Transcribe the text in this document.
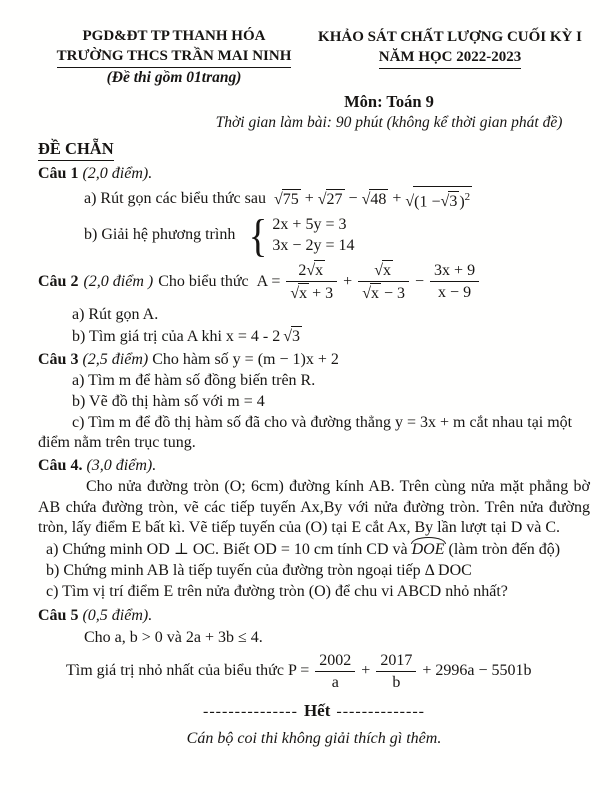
PGD&ĐT TP THANH HÓA
TRƯỜNG THCS TRẦN MAI NINH
(Đề thi gồm 01trang)
KHẢO SÁT CHẤT LƯỢNG CUỐI KỲ I
NĂM HỌC 2022-2023
Môn: Toán 9
Thời gian làm bài: 90 phút (không kể thời gian phát đề)
ĐỀ CHẴN
Câu 1 (2,0 điểm).
a) Rút gọn các biểu thức sau √75 + √27 − √48 + √(1 −√3 )$^2$
b) Giải hệ phương trình { 2x + 5y = 3
3x − 2y = 14
Câu 2 (2,0 điểm ) Cho biểu thức $A = \frac{2√x}{√x + 3} + \frac{√x}{√x - 3} - \frac{3x + 9}{x - 9}$
a) Rút gọn A.
b) Tìm giá trị của A khi x = 4 - 2 √3
Câu 3 (2,5 điểm) Cho hàm số y = (m − 1)x + 2
a) Tìm m để hàm số đồng biến trên R.
b) Vẽ đồ thị hàm số với m = 4

c) Tìm m để đồ thị hàm số đã cho và đường thẳng y = 3x + m cắt nhau tại một điểm nằm trên trục tung.

Câu 4. (3,0 điểm).

Cho nửa đường tròn (O; 6cm) đường kính AB. Trên cùng nửa mặt phẳng bờ AB chứa đường tròn, vẽ các tiếp tuyến Ax,By với nửa đường tròn. Trên nửa đường tròn, lấy điểm E bất kì. Vẽ tiếp tuyến của (O) tại E cắt Ax, By lần lượt tại D và C.

a) Chứng minh OD ⊥ OC. Biết OD = 10 cm tính CD và DOE (làm tròn đến độ)
b) Chứng minh AB là tiếp tuyến của đường tròn ngoại tiếp Δ DOC
c) Tìm vị trí điểm E trên nửa đường tròn (O) để chu vi ABCD nhỏ nhất?
Câu 5 (0,5 điểm).
Cho a, b > 0 và 2a + 3b ≤ 4.
Tìm giá trị nhỏ nhất của biểu thức $P = \frac{2002}{a} + \frac{2017}{b} + 2996a - 5501b$
--------------- Hết --------------
Cán bộ coi thi không giải thích gì thêm.
